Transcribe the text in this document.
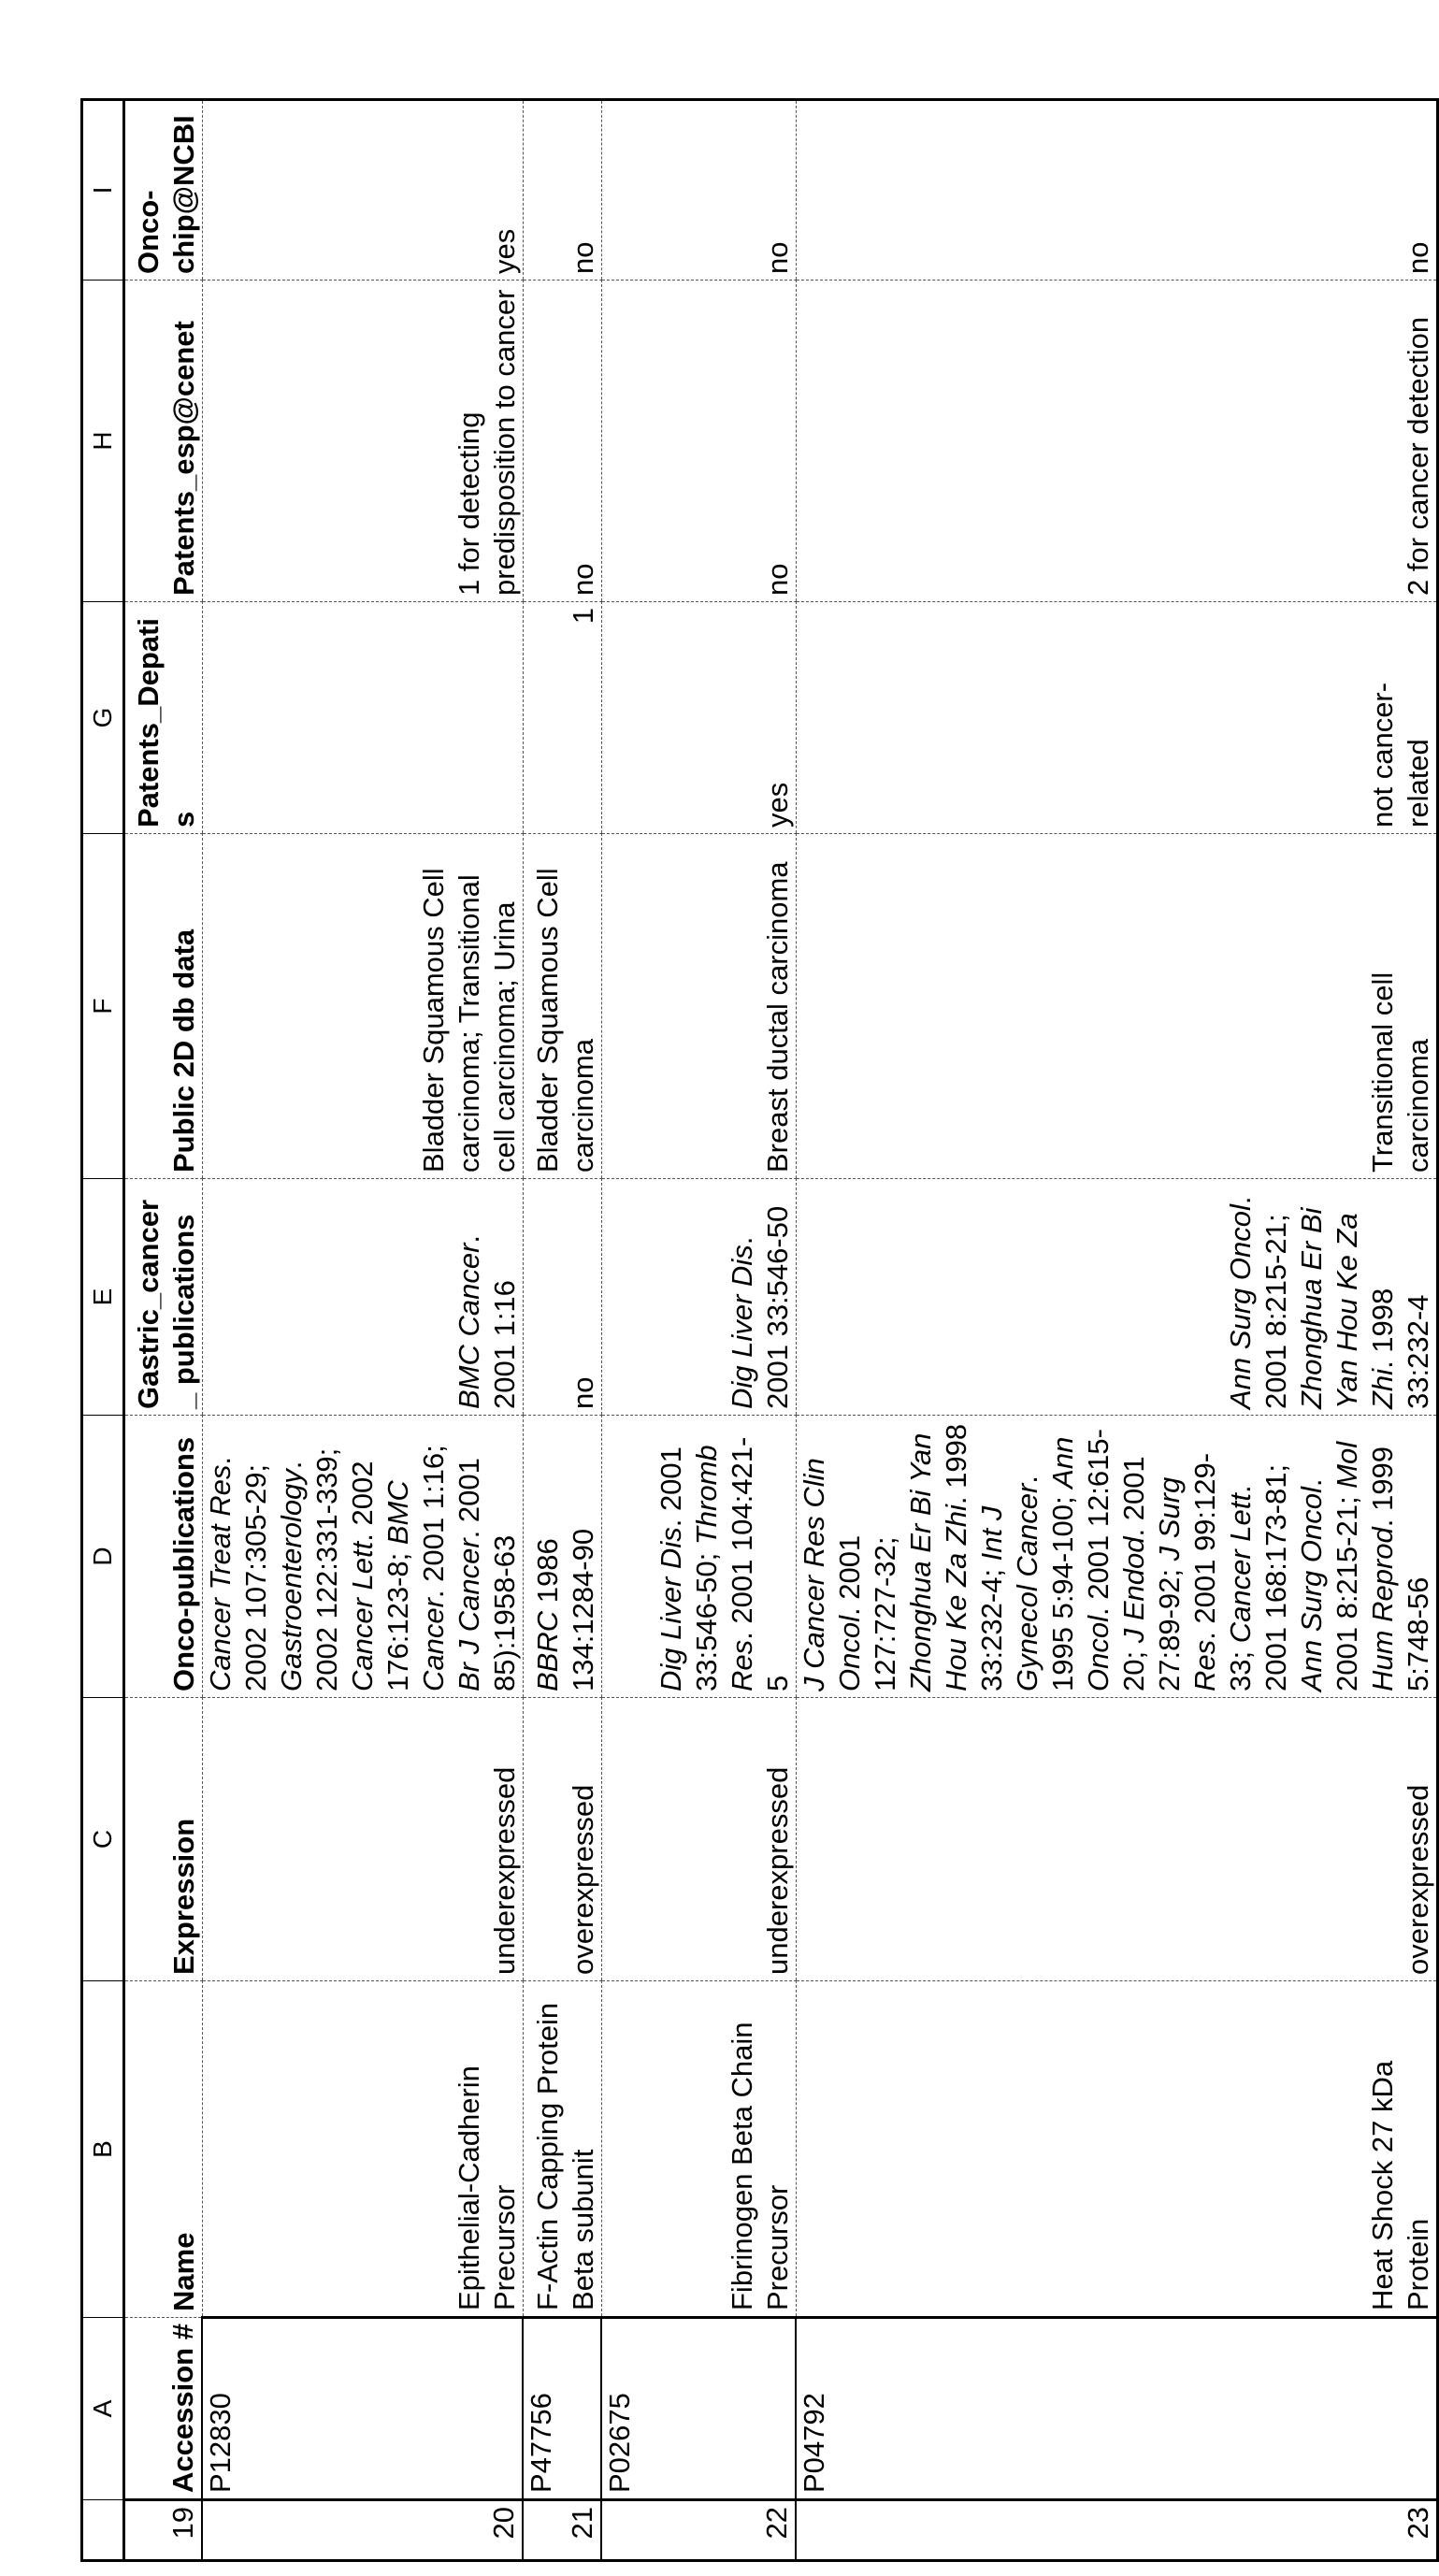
	A	B	C	D	E	F	G	H	I
19	Accession #	Name	Expression	Onco-publications	Gastric_cancer_ publications	Public 2D db data	Patents_Depatis	Patents_esp@cenet	Onco- chip@NCBI
20	P12830	Epithelial-Cadherin Precursor	underexpressed	Cancer Treat Res. 2002 107:305-29; Gastroenterology. 2002 122:331-339; Cancer Lett. 2002 176:123-8; BMC Cancer. 2001 1:16; Br J Cancer. 2001 85):1958-63	BMC Cancer. 2001 1:16	Bladder Squamous Cell carcinoma; Transitional cell carcinoma; Urina		1 for detecting predisposition to cancer	yes
21	P47756	F-Actin Capping Protein Beta subunit	overexpressed	BBRC 1986 134:1284-90	no	Bladder Squamous Cell carcinoma	1	no	no
22	P02675	Fibrinogen Beta Chain Precursor	underexpressed	Dig Liver Dis. 2001 33:546-50; Thromb Res. 2001 104:421-5	Dig Liver Dis. 2001 33:546-50	Breast ductal carcinoma	yes	no	no
23	P04792	Heat Shock 27 kDa Protein	overexpressed	J Cancer Res Clin Oncol. 2001 127:727-32; Zhonghua Er Bi Yan Hou Ke Za Zhi. 1998 33:232-4; Int J Gynecol Cancer. 1995 5:94-100; Ann Oncol. 2001 12:615-20; J Endod. 2001 27:89-92; J Surg Res. 2001 99:129-33; Cancer Lett. 2001 168:173-81; Ann Surg Oncol. 2001 8:215-21; Mol Hum Reprod. 1999 5:748-56	Ann Surg Oncol. 2001 8:215-21; Zhonghua Er Bi Yan Hou Ke Za Zhi. 1998 33:232-4	Transitional cell carcinoma	not cancer-related	2 for cancer detection	no
